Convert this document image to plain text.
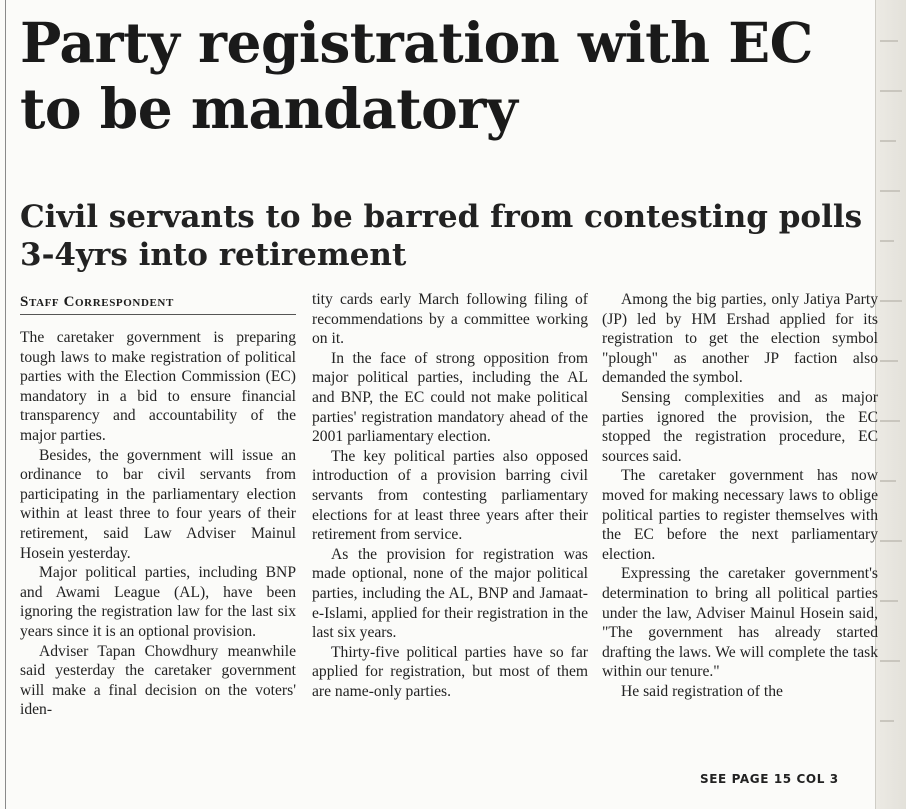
Party registration with EC to be mandatory
Civil servants to be barred from contesting polls 3-4yrs into retirement
Staff Correspondent

The caretaker government is preparing tough laws to make registration of political parties with the Election Commission (EC) mandatory in a bid to ensure financial transparency and accountability of the major parties.

Besides, the government will issue an ordinance to bar civil servants from participating in the parliamentary election within at least three to four years of their retirement, said Law Adviser Mainul Hosein yesterday.

Major political parties, including BNP and Awami League (AL), have been ignoring the registration law for the last six years since it is an optional provision.

Adviser Tapan Chowdhury meanwhile said yesterday the caretaker government will make a final decision on the voters' iden-

tity cards early March following filing of recommendations by a committee working on it.

In the face of strong opposition from major political parties, including the AL and BNP, the EC could not make political parties' registration mandatory ahead of the 2001 parliamentary election.

The key political parties also opposed introduction of a provision barring civil servants from contesting parliamentary elections for at least three years after their retirement from service.

As the provision for registration was made optional, none of the major political parties, including the AL, BNP and Jamaat-e-Islami, applied for their registration in the last six years.

Thirty-five political parties have so far applied for registration, but most of them are name-only parties.

Among the big parties, only Jatiya Party (JP) led by HM Ershad applied for its registration to get the election symbol "plough" as another JP faction also demanded the symbol.

Sensing complexities and as major parties ignored the provision, the EC stopped the registration procedure, EC sources said.

The caretaker government has now moved for making necessary laws to oblige political parties to register themselves with the EC before the next parliamentary election.

Expressing the caretaker government's determination to bring all political parties under the law, Adviser Mainul Hosein said, "The government has already started drafting the laws. We will complete the task within our tenure."

He said registration of the

SEE PAGE 15 COL 3
